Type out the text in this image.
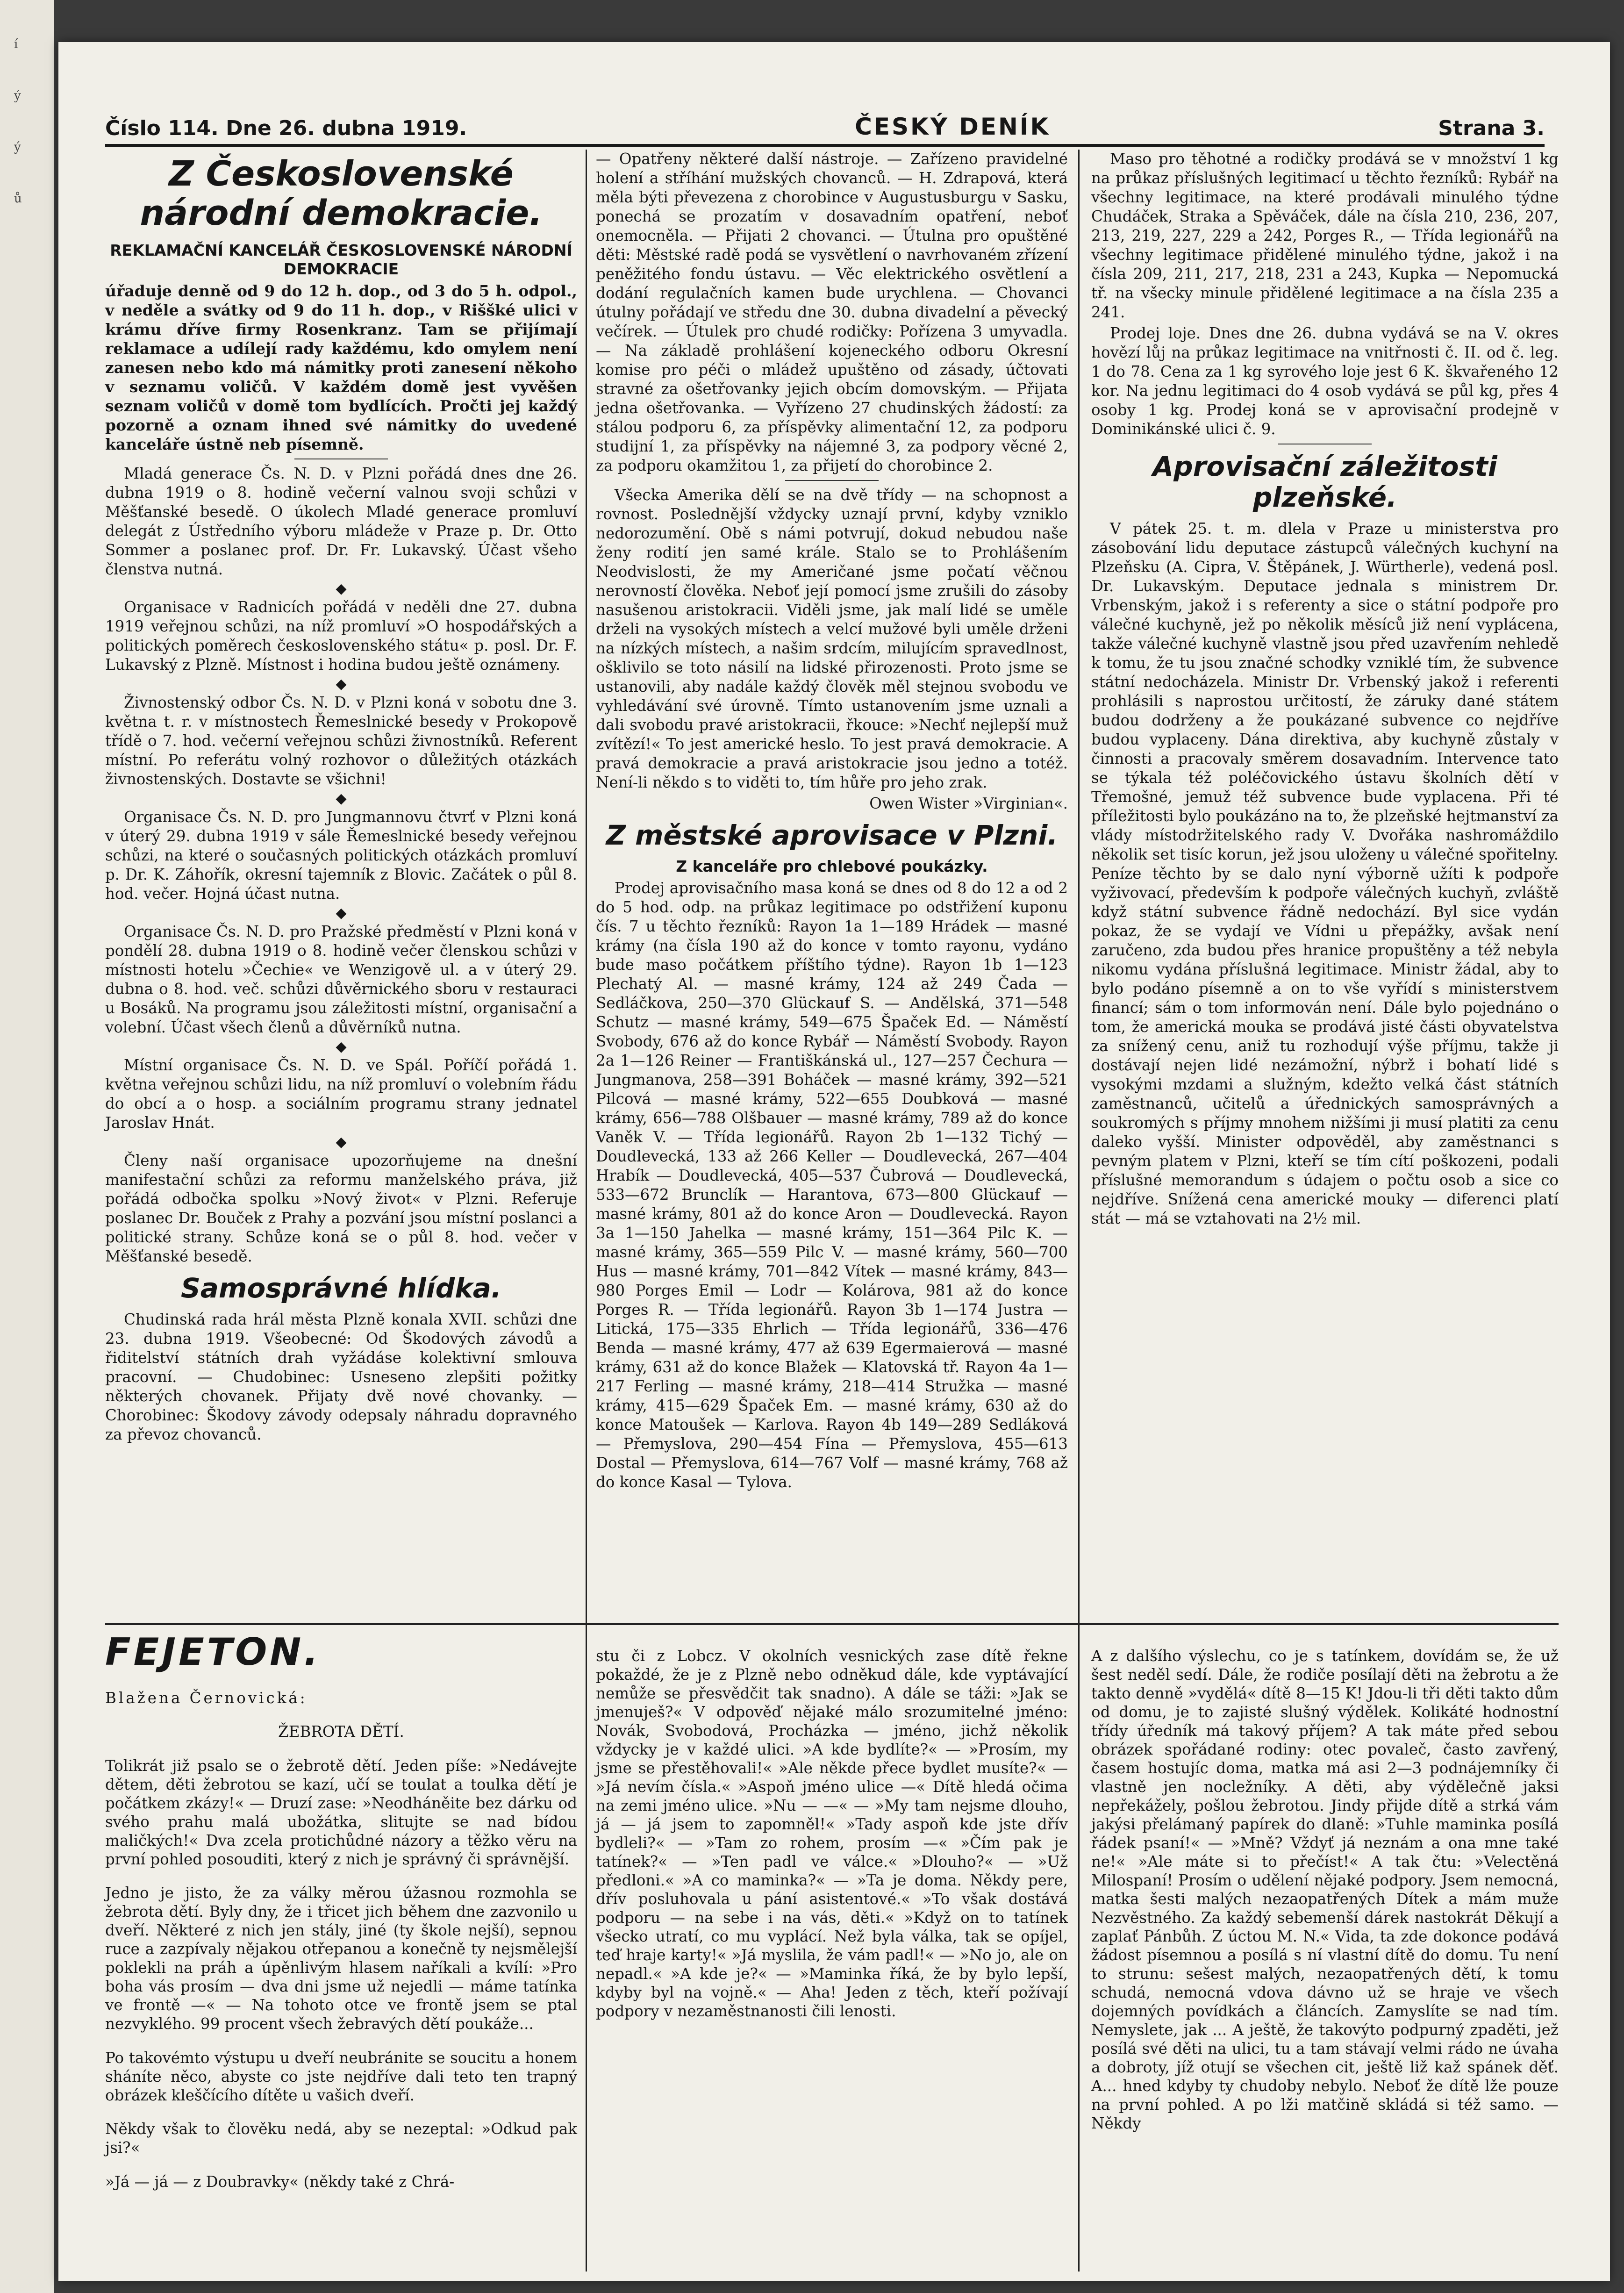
í
ý
ý
ů
Číslo 114. Dne 26. dubna 1919.	ČESKÝ DENÍK	Strana 3.
Z Československé národní demokracie.
REKLAMAČNÍ KANCELÁŘ ČESKOSLOVENSKÉ NÁRODNÍ DEMOKRACIE

úřaduje denně od 9 do 12 h. dop., od 3 do 5 h. odpol., v neděle a svátky od 9 do 11 h. dop., v Riššké ulici v krámu dříve firmy Rosenkranz. Tam se přijímají reklamace a udílejí rady každému, kdo omylem není zanesen nebo kdo má námitky proti zanesení někoho v seznamu voličů. V každém domě jest vyvěšen seznam voličů v domě tom bydlících. Pročti jej každý pozorně a oznam ihned své námitky do uvedené kanceláře ústně neb písemně.

Mladá generace Čs. N. D. v Plzni pořádá dnes dne 26. dubna 1919 o 8. hodině večerní valnou svoji schůzi v Měšťanské besedě. O úkolech Mladé generace promluví delegát z Ústředního výboru mládeže v Praze p. Dr. Otto Sommer a poslanec prof. Dr. Fr. Lukavský. Účast všeho členstva nutná.

◆

Organisace v Radnicích pořádá v neděli dne 27. dubna 1919 veřejnou schůzi, na níž promluví »O hospodářských a politických poměrech československého státu« p. posl. Dr. F. Lukavský z Plzně. Místnost i hodina budou ještě oznámeny.

◆

Živnostenský odbor Čs. N. D. v Plzni koná v sobotu dne 3. května t. r. v místnostech Řemeslnické besedy v Prokopově třídě o 7. hod. večerní veřejnou schůzi živnostníků. Referent místní. Po referátu volný rozhovor o důležitých otázkách živnostenských. Dostavte se všichni!

◆

Organisace Čs. N. D. pro Jungmannovu čtvrť v Plzni koná v úterý 29. dubna 1919 v sále Řemeslnické besedy veřejnou schůzi, na které o současných politických otázkách promluví p. Dr. K. Záhořík, okresní tajemník z Blovic. Začátek o půl 8. hod. večer. Hojná účast nutna.

◆

Organisace Čs. N. D. pro Pražské předměstí v Plzni koná v pondělí 28. dubna 1919 o 8. hodině večer členskou schůzi v místnosti hotelu »Čechie« ve Wenzigově ul. a v úterý 29. dubna o 8. hod. več. schůzi důvěrnického sboru v restauraci u Bosáků. Na programu jsou záležitosti místní, organisační a volební. Účast všech členů a důvěrníků nutna.

◆

Místní organisace Čs. N. D. ve Spál. Poříčí pořádá 1. května veřejnou schůzi lidu, na níž promluví o volebním řádu do obcí a o hosp. a sociálním programu strany jednatel Jaroslav Hnát.

◆

Členy naší organisace upozorňujeme na dnešní manifestační schůzi za reformu manželského práva, již pořádá odbočka spolku »Nový život« v Plzni. Referuje poslanec Dr. Bouček z Prahy a pozvání jsou místní poslanci a politické strany. Schůze koná se o půl 8. hod. večer v Měšťanské besedě.

Samosprávné hlídka.

Chudinská rada hrál města Plzně konala XVII. schůzi dne 23. dubna 1919. Všeobecné: Od Škodových závodů a řiditelství státních drah vyžádáse kolektivní smlouva pracovní. — Chudobinec: Usneseno zlepšiti požitky některých chovanek. Přijaty dvě nové chovanky. — Chorobinec: Škodovy závody odepsaly náhradu dopravného za převoz chovanců.

— Opatřeny některé další nástroje. — Zařízeno pravidelné holení a stříhání mužských chovanců. — H. Zdrapová, která měla býti převezena z chorobince v Augustusburgu v Sasku, ponechá se prozatím v dosavadním opatření, neboť onemocněla. — Přijati 2 chovanci. — Útulna pro opuštěné děti: Městské radě podá se vysvětlení o navrhovaném zřízení peněžitého fondu ústavu. — Věc elektrického osvětlení a dodání regulačních kamen bude urychlena. — Chovanci útulny pořádají ve středu dne 30. dubna divadelní a pěvecký večírek. — Útulek pro chudé rodičky: Pořízena 3 umyvadla. — Na základě prohlášení kojeneckého odboru Okresní komise pro péči o mládež upuštěno od zásady, účtovati stravné za ošetřovanky jejich obcím domovským. — Přijata jedna ošetřovanka. — Vyřízeno 27 chudinských žádostí: za stálou podporu 6, za příspěvky alimentační 12, za podporu studijní 1, za příspěvky na nájemné 3, za podpory věcné 2, za podporu okamžitou 1, za přijetí do chorobince 2.

Všecka Amerika dělí se na dvě třídy — na schopnost a rovnost. Poslednější vždycky uznají první, kdyby vzniklo nedorozumění. Obě s námi potvrují, dokud nebudou naše ženy rodití jen samé krále. Stalo se to Prohlášením Neodvislosti, že my Američané jsme počatí věčnou nerovností člověka. Neboť její pomocí jsme zrušili do zásoby nasušenou aristokracii. Viděli jsme, jak malí lidé se uměle drželi na vysokých místech a velcí mužové byli uměle drženi na nízkých místech, a našim srdcím, milujícím spravedlnost, ošklivilo se toto násilí na lidské přirozenosti. Proto jsme se ustanovili, aby nadále každý člověk měl stejnou svobodu ve vyhledávání své úrovně. Tímto ustanovením jsme uznali a dali svobodu pravé aristokracii, řkouce: »Nechť nejlepší muž zvítězí!« To jest americké heslo. To jest pravá demokracie. A pravá demokracie a pravá aristokracie jsou jedno a totéž. Není-li někdo s to viděti to, tím hůře pro jeho zrak.

Owen Wister »Virginian«.

Z městské aprovisace v Plzni.
Z kanceláře pro chlebové poukázky.

Prodej aprovisačního masa koná se dnes od 8 do 12 a od 2 do 5 hod. odp. na průkaz legitimace po odstřižení kuponu čís. 7 u těchto řezníků: Rayon 1a 1—189 Hrádek — masné krámy (na čísla 190 až do konce v tomto rayonu, vydáno bude maso počátkem příštího týdne). Rayon 1b 1—123 Plechatý Al. — masné krámy, 124 až 249 Čada — Sedláčkova, 250—370 Glückauf S. — Andělská, 371—548 Schutz — masné krámy, 549—675 Špaček Ed. — Náměstí Svobody, 676 až do konce Rybář — Náměstí Svobody. Rayon 2a 1—126 Reiner — Františkánská ul., 127—257 Čechura — Jungmanova, 258—391 Boháček — masné krámy, 392—521 Pilcová — masné krámy, 522—655 Doubková — masné krámy, 656—788 Olšbauer — masné krámy, 789 až do konce Vaněk V. — Třída legionářů. Rayon 2b 1—132 Tichý — Doudlevecká, 133 až 266 Keller — Doudlevecká, 267—404 Hrabík — Doudlevecká, 405—537 Čubrová — Doudlevecká, 533—672 Brunclík — Harantova, 673—800 Glückauf — masné krámy, 801 až do konce Aron — Doudlevecká. Rayon 3a 1—150 Jahelka — masné krámy, 151—364 Pilc K. — masné krámy, 365—559 Pilc V. — masné krámy, 560—700 Hus — masné krámy, 701—842 Vítek — masné krámy, 843—980 Porges Emil — Lodr — Kolárova, 981 až do konce Porges R. — Třída legionářů. Rayon 3b 1—174 Justra — Litická, 175—335 Ehrlich — Třída legionářů, 336—476 Benda — masné krámy, 477 až 639 Egermaierová — masné krámy, 631 až do konce Blažek — Klatovská tř. Rayon 4a 1—217 Ferling — masné krámy, 218—414 Stružka — masné krámy, 415—629 Špaček Em. — masné krámy, 630 až do konce Matoušek — Karlova. Rayon 4b 149—289 Sedláková — Přemyslova, 290—454 Fína — Přemyslova, 455—613 Dostal — Přemyslova, 614—767 Volf — masné krámy, 768 až do konce Kasal — Tylova.

Maso pro těhotné a rodičky prodává se v množství 1 kg na průkaz příslušných legitimací u těchto řezníků: Rybář na všechny legitimace, na které prodávali minulého týdne Chudáček, Straka a Spěváček, dále na čísla 210, 236, 207, 213, 219, 227, 229 a 242, Porges R., — Třída legionářů na všechny legitimace přidělené minulého týdne, jakož i na čísla 209, 211, 217, 218, 231 a 243, Kupka — Nepomucká tř. na všecky minule přidělené legitimace a na čísla 235 a 241.

Prodej loje. Dnes dne 26. dubna vydává se na V. okres hovězí lůj na průkaz legitimace na vnitřnosti č. II. od č. leg. 1 do 78. Cena za 1 kg syrového loje jest 6 K. škvařeného 12 kor. Na jednu legitimaci do 4 osob vydává se půl kg, přes 4 osoby 1 kg. Prodej koná se v aprovisační prodejně v Dominikánské ulici č. 9.

Aprovisační záležitosti plzeňské.

V pátek 25. t. m. dlela v Praze u ministerstva pro zásobování lidu deputace zástupců válečných kuchyní na Plzeňsku (A. Cipra, V. Štěpánek, J. Würtherle), vedená posl. Dr. Lukavským. Deputace jednala s ministrem Dr. Vrbenským, jakož i s referenty a sice o státní podpoře pro válečné kuchyně, jež po několik měsíců již není vyplácena, takže válečné kuchyně vlastně jsou před uzavřením nehledě k tomu, že tu jsou značné schodky vzniklé tím, že subvence státní nedocházela. Ministr Dr. Vrbenský jakož i referenti prohlásili s naprostou určitostí, že záruky dané státem budou dodrženy a že poukázané subvence co nejdříve budou vyplaceny. Dána direktiva, aby kuchyně zůstaly v činnosti a pracovaly směrem dosavadním. Intervence tato se týkala též poléčovického ústavu školních dětí v Třemošné, jemuž též subvence bude vyplacena. Při té příležitosti bylo poukázáno na to, že plzeňské hejtmanství za vlády místodržitelského rady V. Dvořáka nashromáždilo několik set tisíc korun, jež jsou uloženy u válečné spořitelny. Peníze těchto by se dalo nyní výborně užíti k podpoře vyživovací, především k podpoře válečných kuchyň, zvláště když státní subvence řádně nedochází. Byl sice vydán pokaz, že se vydají ve Vídni u přepážky, avšak není zaručeno, zda budou přes hranice propuštěny a též nebyla nikomu vydána příslušná legitimace. Ministr žádal, aby to bylo podáno písemně a on to vše vyřídí s ministerstvem financí; sám o tom informován není. Dále bylo pojednáno o tom, že americká mouka se prodává jisté části obyvatelstva za snížený cenu, aniž tu rozhodují výše příjmu, takže ji dostávají nejen lidé nezámožní, nýbrž i bohatí lidé s vysokými mzdami a služným, kdežto velká část státních zaměstnanců, učitelů a úřednických samosprávných a soukromých s příjmy mnohem nižšími ji musí platiti za cenu daleko vyšší. Minister odpověděl, aby zaměstnanci s pevným platem v Plzni, kteří se tím cítí poškozeni, podali příslušné memorandum s údajem o počtu osob a sice co nejdříve. Snížená cena americké mouky — diferenci platí stát — má se vztahovati na 2½ mil.

FEJETON.

Blažena Černovická:

ŽEBROTA DĚTÍ.

Tolikrát již psalo se o žebrotě dětí. Jeden píše: »Nedávejte dětem, děti žebrotou se kazí, učí se toulat a toulka dětí je počátkem zkázy!« — Druzí zase: »Neodháněite bez dárku od svého prahu malá ubožátka, slitujte se nad bídou maličkých!« Dva zcela protichůdné názory a těžko věru na první pohled posouditi, který z nich je správný či správnější.

Jedno je jisto, že za války měrou úžasnou rozmohla se žebrota dětí. Byly dny, že i třicet jich během dne zazvonilo u dveří. Některé z nich jen stály, jiné (ty škole nejší), sepnou ruce a zazpívaly nějakou otřepanou a konečně ty nejsmělejší poklekli na práh a úpěnlivým hlasem naříkali a kvílí: »Pro boha vás prosím — dva dni jsme už nejedli — máme tatínka ve frontě —« — Na tohoto otce ve frontě jsem se ptal nezvyklého. 99 procent všech žebravých dětí poukáže...

Po takovémto výstupu u dveří neubránite se soucitu a honem sháníte něco, abyste co jste nejdříve dali teto ten trapný obrázek kleščícího dítěte u vašich dveří.

Někdy však to člověku nedá, aby se nezeptal: »Odkud pak jsi?«

»Já — já — z Doubravky« (někdy také z Chrá-

stu či z Lobcz. V okolních vesnických zase dítě řekne pokaždé, že je z Plzně nebo odněkud dále, kde vyptávající nemůže se přesvědčit tak snadno). A dále se táži: »Jak se jmenuješ?« V odpověď nějaké málo srozumitelné jméno: Novák, Svobodová, Procházka — jméno, jichž několik vždycky je v každé ulici. »A kde bydlíte?« — »Prosím, my jsme se přestěhovali!« »Ale někde přece bydlet musíte?« — »Já nevím čísla.« »Aspoň jméno ulice —« Dítě hledá očima na zemi jméno ulice. »Nu — —« — »My tam nejsme dlouho, já — já jsem to zapomněl!« »Tady aspoň kde jste dřív bydleli?« — »Tam zo rohem, prosím —« »Čím pak je tatínek?« — »Ten padl ve válce.« »Dlouho?« — »Už předloni.« »A co maminka?« — »Ta je doma. Někdy pere, dřív posluhovala u pání asistentové.« »To však dostává podporu — na sebe i na vás, děti.« »Když on to tatínek všecko utratí, co mu vyplácí. Než byla válka, tak se opíjel, teď hraje karty!« »Já myslila, že vám padl!« — »No jo, ale on nepadl.« »A kde je?« — »Maminka říká, že by bylo lepší, kdyby byl na vojně.« — Aha! Jeden z těch, kteří požívají podpory v nezaměstnanosti čili lenosti.

A z dalšího výslechu, co je s tatínkem, dovídám se, že už šest neděl sedí. Dále, že rodiče posílají děti na žebrotu a že takto denně »vydělá« dítě 8—15 K! Jdou-li tři děti takto dům od domu, je to zajisté slušný výdělek. Kolikáté hodnostní třídy úředník má takový příjem? A tak máte před sebou obrázek spořádané rodiny: otec povaleč, často zavřený, časem hostujíc doma, matka má asi 2—3 podnájemníky či vlastně jen nocležníky. A děti, aby výdělečně jaksi nepřekážely, pošlou žebrotou. Jindy přijde dítě a strká vám jakýsi přelámaný papírek do dlaně: »Tuhle maminka posílá řádek psaní!« — »Mně? Vždyť já neznám a ona mne také ne!« »Ale máte si to přečíst!« A tak čtu: »Velectěná Milospaní! Prosím o udělení nějaké podpory. Jsem nemocná, matka šesti malých nezaopatřených Dítek a mám muže Nezvěstného. Za každý sebemenší dárek nastokrát Děkují a zaplať Pánbůh. Z úctou M. N.« Vida, ta zde dokonce podává žádost písemnou a posílá s ní vlastní dítě do domu. Tu není to strunu: sešest malých, nezaopatřených dětí, k tomu schudá, nemocná vdova dávno už se hraje ve všech dojemných povídkách a článcích. Zamyslíte se nad tím. Nemyslete, jak ... A ještě, že takovýto podpurný zpaděti, jež posílá své děti na ulici, tu a tam stávají velmi rádo ne úvaha a dobroty, jíž otují se všechen cit, ještě liž kaž spánek děť. A... hned kdyby ty chudoby nebylo. Neboť že dítě lže pouze na první pohled. A po lži matčině skládá si též samo. — Někdy
